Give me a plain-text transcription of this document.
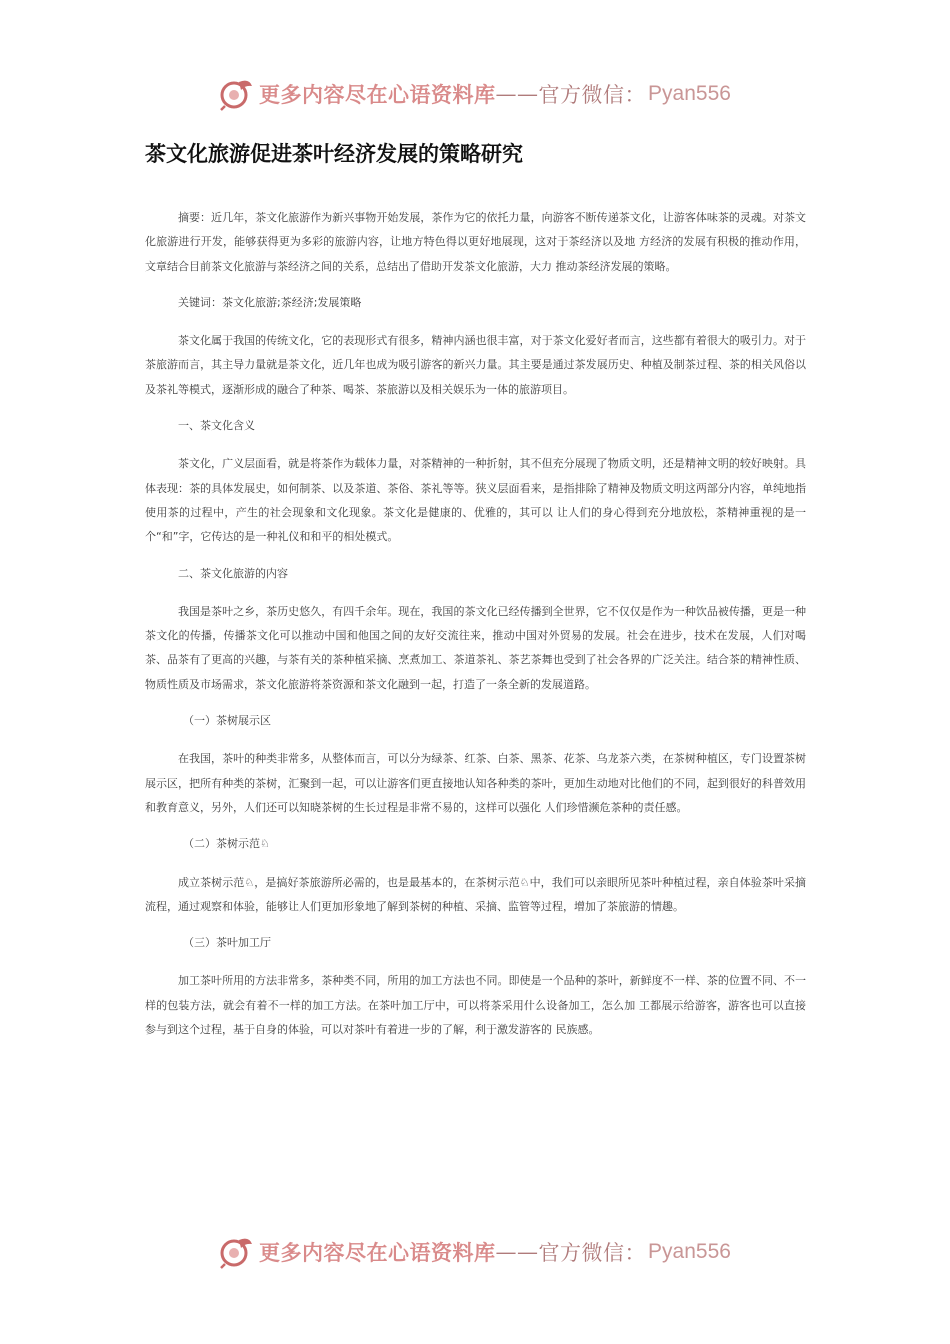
更多内容尽在心语资料库 —— 官方微信： Pyan556
茶文化旅游促进茶叶经济发展的策略研究

摘要：近几年，茶文化旅游作为新兴事物开始发展，茶作为它的依托力量，向游客不断传递茶文化，让游客体味茶的灵魂。对茶文化旅游进行开发，能够获得更为多彩的旅游内容，让地方特色得以更好地展现，这对于茶经济以及地 方经济的发展有积极的推动作用，文章结合目前茶文化旅游与茶经济之间的关系，总结出了借助开发茶文化旅游，大力 推动茶经济发展的策略。

关键词：茶文化旅游;茶经济;发展策略

茶文化属于我国的传统文化，它的表现形式有很多，精神内涵也很丰富，对于茶文化爱好者而言，这些都有着很大的吸引力。对于茶旅游而言，其主导力量就是茶文化，近几年也成为吸引游客的新兴力量。其主要是通过茶发展历史、种植及制茶过程、茶的相关风俗以及茶礼等模式，逐渐形成的融合了种茶、喝茶、茶旅游以及相关娱乐为一体的旅游项目。

一、茶文化含义

茶文化，广义层面看，就是将茶作为载体力量，对茶精神的一种折射，其不但充分展现了物质文明，还是精神文明的较好映射。具体表现：茶的具体发展史，如何制茶、以及茶道、茶俗、茶礼等等。狭义层面看来，是指排除了精神及物质文明这两部分内容，单纯地指使用茶的过程中，产生的社会现象和文化现象。茶文化是健康的、优雅的，其可以 让人们的身心得到充分地放松，茶精神重视的是一个“和”字，它传达的是一种礼仪和和平的相处模式。

二、茶文化旅游的内容

我国是茶叶之乡，茶历史悠久，有四千余年。现在，我国的茶文化已经传播到全世界，它不仅仅是作为一种饮品被传播，更是一种茶文化的传播，传播茶文化可以推动中国和他国之间的友好交流往来，推动中国对外贸易的发展。社会在进步，技术在发展，人们对喝茶、品茶有了更高的兴趣，与茶有关的茶种植采摘、烹煮加工、茶道茶礼、茶艺茶舞也受到了社会各界的广泛关注。结合茶的精神性质、物质性质及市场需求，茶文化旅游将茶资源和茶文化融到一起，打造了一条全新的发展道路。

（一）茶树展示区

在我国，茶叶的种类非常多，从整体而言，可以分为绿茶、红茶、白茶、黑茶、花茶、乌龙茶六类，在茶树种植区，专门设置茶树展示区，把所有种类的茶树，汇聚到一起，可以让游客们更直接地认知各种类的茶叶，更加生动地对比他们的不同，起到很好的科普效用和教育意义，另外，人们还可以知晓茶树的生长过程是非常不易的，这样可以强化 人们珍惜濒危茶种的责任感。

（二）茶树示范♘

成立茶树示范♘，是搞好茶旅游所必需的，也是最基本的，在茶树示范♘中，我们可以亲眼所见茶叶种植过程，亲自体验茶叶采摘流程，通过观察和体验，能够让人们更加形象地了解到茶树的种植、采摘、监管等过程，增加了茶旅游的情趣。

（三）茶叶加工厅

加工茶叶所用的方法非常多，茶种类不同，所用的加工方法也不同。即使是一个品种的茶叶，新鲜度不一样、茶的位置不同、不一样的包装方法，就会有着不一样的加工方法。在茶叶加工厅中，可以将茶采用什么设备加工，怎么加 工都展示给游客，游客也可以直接参与到这个过程，基于自身的体验，可以对茶叶有着进一步的了解，利于激发游客的 民族感。

更多内容尽在心语资料库 —— 官方微信： Pyan556
